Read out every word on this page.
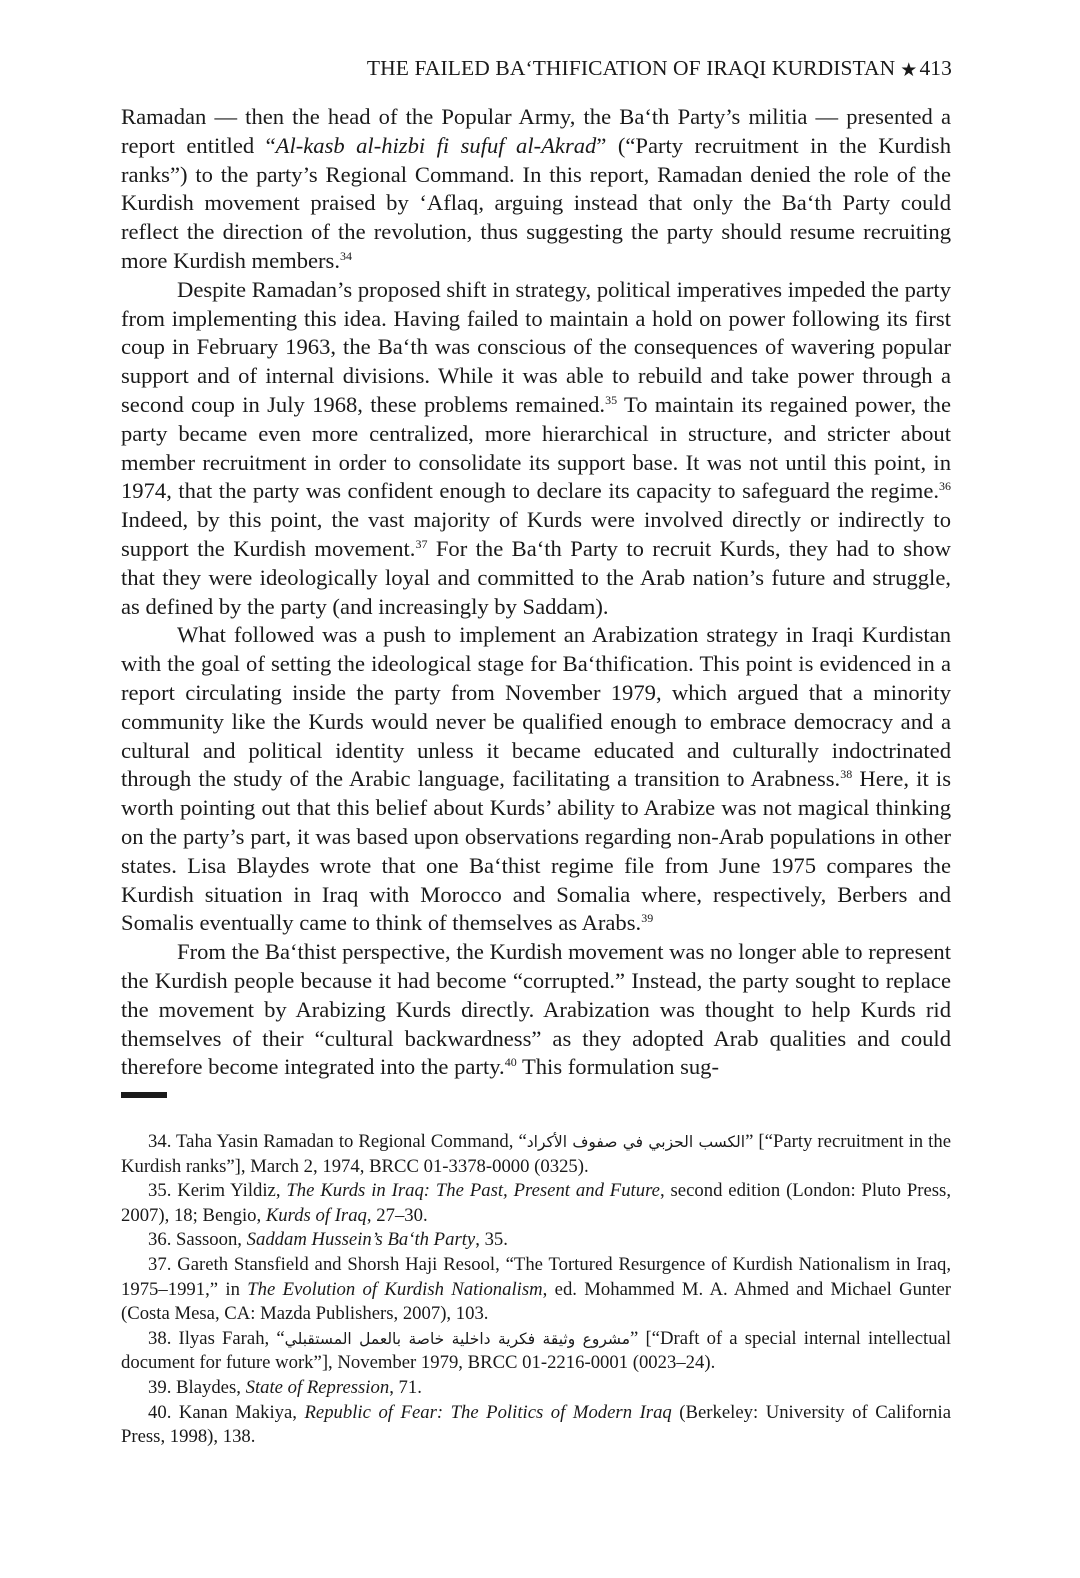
THE FAILED BA‘THIFICATION OF IRAQI KURDISTAN ★413

Ramadan — then the head of the Popular Army, the Ba‘th Party’s militia — presented a report entitled “Al-kasb al-hizbi fi sufuf al-Akrad” (“Party recruitment in the Kurdish ranks”) to the party’s Regional Command. In this report, Ramadan denied the role of the Kurdish movement praised by ‘Aflaq, arguing instead that only the Ba‘th Party could reflect the direction of the revolution, thus suggesting the party should resume recruiting more Kurdish members.$^{34}$

Despite Ramadan’s proposed shift in strategy, political imperatives impeded the party from implementing this idea. Having failed to maintain a hold on power following its first coup in February 1963, the Ba‘th was conscious of the consequences of wavering popular support and of internal divisions. While it was able to rebuild and take power through a second coup in July 1968, these problems remained.$^{35}$ To maintain its regained power, the party became even more centralized, more hierarchical in structure, and stricter about member recruitment in order to consolidate its support base. It was not until this point, in 1974, that the party was confident enough to declare its capacity to safeguard the regime.$^{36}$ Indeed, by this point, the vast majority of Kurds were involved directly or indirectly to support the Kurdish movement.$^{37}$ For the Ba‘th Party to recruit Kurds, they had to show that they were ideologically loyal and committed to the Arab nation’s future and struggle, as defined by the party (and increasingly by Saddam).

What followed was a push to implement an Arabization strategy in Iraqi Kurdistan with the goal of setting the ideological stage for Ba‘thification. This point is evidenced in a report circulating inside the party from November 1979, which argued that a minority community like the Kurds would never be qualified enough to embrace democracy and a cultural and political identity unless it became educated and culturally indoctrinated through the study of the Arabic language, facilitating a transition to Arabness.$^{38}$ Here, it is worth pointing out that this belief about Kurds’ ability to Arabize was not magical thinking on the party’s part, it was based upon observations regarding non-Arab populations in other states. Lisa Blaydes wrote that one Ba‘thist regime file from June 1975 compares the Kurdish situation in Iraq with Morocco and Somalia where, respectively, Berbers and Somalis eventually came to think of themselves as Arabs.$^{39}$

From the Ba‘thist perspective, the Kurdish movement was no longer able to represent the Kurdish people because it had become “corrupted.” Instead, the party sought to replace the movement by Arabizing Kurds directly. Arabization was thought to help Kurds rid themselves of their “cultural backwardness” as they adopted Arab qualities and could therefore become integrated into the party.$^{40}$ This formulation sug-

34. Taha Yasin Ramadan to Regional Command, “الكسب الحزبي في صفوف الأكراد” [“Party recruitment in the Kurdish ranks”], March 2, 1974, BRCC 01-3378-0000 (0325).

35. Kerim Yildiz, The Kurds in Iraq: The Past, Present and Future, second edition (London: Pluto Press, 2007), 18; Bengio, Kurds of Iraq, 27–30.

36. Sassoon, Saddam Hussein’s Ba‘th Party, 35.

37. Gareth Stansfield and Shorsh Haji Resool, “The Tortured Resurgence of Kurdish Nationalism in Iraq, 1975–1991,” in The Evolution of Kurdish Nationalism, ed. Mohammed M. A. Ahmed and Michael Gunter (Costa Mesa, CA: Mazda Publishers, 2007), 103.

38. Ilyas Farah, “مشروع وثيقة فكرية داخلية خاصة بالعمل المستقبلي” [“Draft of a special internal intellectual document for future work”], November 1979, BRCC 01-2216-0001 (0023–24).

39. Blaydes, State of Repression, 71.

40. Kanan Makiya, Republic of Fear: The Politics of Modern Iraq (Berkeley: University of California Press, 1998), 138.
